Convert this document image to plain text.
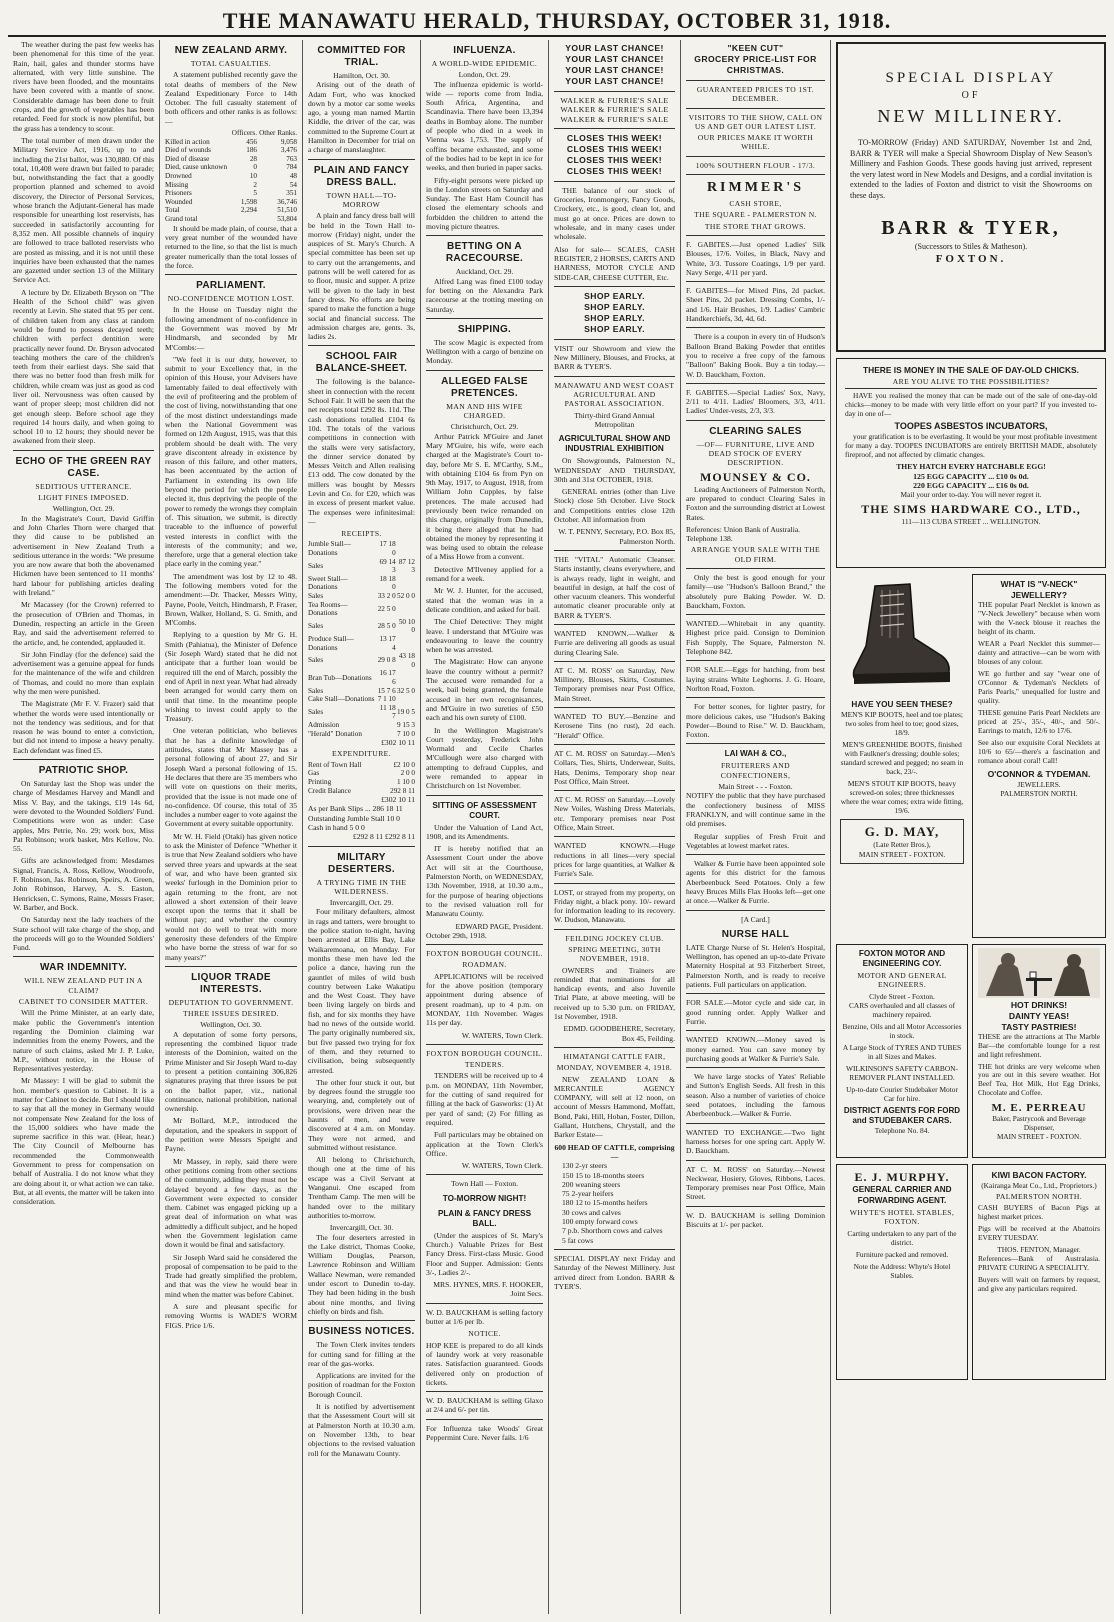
THE MANAWATU HERALD, THURSDAY, OCTOBER 31, 1918.

The weather during the past few weeks has been phenomenal for this time of the year. Rain, hail, gales and thunder storms have alternated, with very little sunshine. The rivers have been flooded, and the mountains have been covered with a mantle of snow. Considerable damage has been done to fruit crops, and the growth of vegetables has been retarded. Feed for stock is now plentiful, but the grass has a tendency to scour.

The total number of men drawn under the Military Service Act, 1916, up to and including the 21st ballot, was 130,880. Of this total, 10,408 were drawn but failed to parade; but, notwithstanding the fact that a goodly proportion planned and schemed to avoid discovery, the Director of Personal Services, whose branch the Adjutant-General has made responsible for unearthing lost reservists, has succeeded in satisfactorily accounting for 8,352 men. All possible channels of inquiry are followed to trace balloted reservists who are posted as missing, and it is not until these inquiries have been exhausted that the names are gazetted under section 13 of the Military Service Act.

A lecture by Dr. Elizabeth Bryson on "The Health of the School child" was given recently at Levin. She stated that 95 per cent. of children taken from any class at random would be found to possess decayed teeth; children with perfect dentition were practically never found. Dr. Bryson advocated teaching mothers the care of the children's teeth from their earliest days. She said that there was no better food than fresh milk for children, while cream was just as good as cod liver oil. Nervousness was often caused by want of proper sleep; most children did not get enough sleep. Before school age they required 14 hours daily, and when going to school 10 to 12 hours; they should never be awakened from their sleep.

ECHO OF THE GREEN RAY CASE.
SEDITIOUS UTTERANCE.
LIGHT FINES IMPOSED.
Wellington, Oct. 29.

In the Magistrate's Court, David Griffin and John Charles Thorn were charged that they did cause to be published an advertisement in New Zealand Truth a seditious utterance in the words: "We presume you are now aware that both the abovenamed Hickmen have been sentenced to 11 months' hard labour for publishing articles dealing with Ireland."

Mr Macassey (for the Crown) referred to the prosecution of O'Brien and Thomas, in Dunedin, respecting an article in the Green Ray, and said the advertisement referred to the article, and, he contended, applauded it.

Sir John Findlay (for the defence) said the advertisement was a genuine appeal for funds for the maintenance of the wife and children of Thomas, and could no more than explain why the men were punished.

The Magistrate (Mr F. V. Frazer) said that whether the words were used intentionally or not the tendency was seditious, and for that reason he was bound to enter a conviction, but did not intend to impose a heavy penalty. Each defendant was fined £5.

PATRIOTIC SHOP.

On Saturday last the Shop was under the charge of Mesdames Harvey and Mandl and Miss V. Bay, and the takings, £19 14s 6d, were devoted to the Wounded Soldiers' Fund. Competitions were won as under: Case apples, Mrs Petrie, No. 29; work box, Miss Pat Robinson; work basket, Mrs Kellow, No. 55.

Gifts are acknowledged from: Mesdames Signal, Francis, A. Ross, Kellow, Woodroofe, F. Robinson, Jas. Robinson, Speirs, A. Green, John Robinson, Harvey, A. S. Easton, Henricksen, C. Symons, Raine, Messrs Fraser, W. Barber, and Bock.

On Saturday next the lady teachers of the State school will take charge of the shop, and the proceeds will go to the Wounded Soldiers' Fund.

WAR INDEMNITY.
WILL NEW ZEALAND PUT IN A CLAIM?
CABINET TO CONSIDER MATTER.

Will the Prime Minister, at an early date, make public the Government's intention regarding the Dominion claiming war indemnities from the enemy Powers, and the nature of such claims, asked Mr J. P. Luke, M.P., without notice, in the House of Representatives yesterday.

Mr Massey: I will be glad to submit the hon. member's question to Cabinet. It is a matter for Cabinet to decide. But I should like to say that all the money in Germany would not compensate New Zealand for the loss of the 15,000 soldiers who have made the supreme sacrifice in this war. (Hear, hear.) The City Council of Melbourne has recommended the Commonwealth Government to press for compensation on behalf of Australia. I do not know what they are doing about it, or what action we can take. But, at all events, the matter will be taken into consideration.

NEW ZEALAND ARMY.
TOTAL CASUALTIES.

A statement published recently gave the total deaths of members of the New Zealand Expeditionary Force to 14th October. The full casualty statement of both officers and other ranks is as follows:—

	Officers.	Other Ranks.
Killed in action	456	9,058
Died of wounds	186	3,476
Died of disease	28	763
Died, cause unknown	0	784
Drowned	10	48
Missing	2	54
Prisoners	5	351
Wounded	1,598	36,746
Total	2,294	51,510
Grand total		53,804

It should be made plain, of course, that a very great number of the wounded have returned to the line, so that the list is much greater numerically than the total losses of the force.

PARLIAMENT.
NO-CONFIDENCE MOTION LOST.

In the House on Tuesday night the following amendment of no-confidence in the Government was moved by Mr Hindmarsh, and seconded by Mr M'Combs:—

"We feel it is our duty, however, to submit to your Excellency that, in the opinion of this House, your Advisers have lamentably failed to deal effectively with the evil of profiteering and the problem of the cost of living, notwithstanding that one of the most distinct understandings made when the National Government was formed on 12th August, 1915, was that this problem should be dealt with. The very grave discontent already in existence by reason of this failure, and other matters, has been accentuated by the action of Parliament in extending its own life beyond the period for which the people elected it, thus depriving the people of the power to remedy the wrongs they complain of. This situation, we submit, is directly traceable to the influence of powerful vested interests in conflict with the interests of the community; and we, therefore, urge that a general election take place early in the coming year."

The amendment was lost by 12 to 48. The following members voted for the amendment:—Dr. Thacker, Messrs Witty, Payne, Poole, Veitch, Hindmarsh, P. Fraser, Brown, Walker, Holland, S. G. Smith, and M'Combs.

Replying to a question by Mr G. H. Smith (Pahiatua), the Minister of Defence (Sir Joseph Ward) stated that he did not anticipate that a further loan would be required till the end of March, possibly the end of April in next year. What had already been arranged for would carry them on until that time. In the meantime people wishing to invest could apply to the Treasury.

One veteran politician, who believes that he has a definite knowledge of attitudes, states that Mr Massey has a personal following of about 27, and Sir Joseph Ward a personal following of 15. He declares that there are 35 members who will vote on questions on their merits, provided that the issue is not made one of no-confidence. Of course, this total of 35 includes a number eager to vote against the Government at every suitable opportunity.

Mr W. H. Field (Otaki) has given notice to ask the Minister of Defence "Whether it is true that New Zealand soldiers who have served three years and upwards at the seat of war, and who have been granted six weeks' furlough in the Dominion prior to again returning to the front, are not allowed a short extension of their leave except upon the terms that it shall be without pay; and whether the country would not do well to treat with more generosity these defenders of the Empire who have borne the stress of war for so many years?"

LIQUOR TRADE INTERESTS.
DEPUTATION TO GOVERNMENT.
THREE ISSUES DESIRED.
Wellington, Oct. 30.

A deputation of some forty persons, representing the combined liquor trade interests of the Dominion, waited on the Prime Minister and Sir Joseph Ward to-day to present a petition containing 306,826 signatures praying that three issues be put on the ballot paper, viz., national continuance, national prohibition, national ownership.

Mr Bollard, M.P., introduced the deputation, and the speakers in support of the petition were Messrs Speight and Payne.

Mr Massey, in reply, said there were other petitions coming from other sections of the community, adding they must not be delayed beyond a few days, as the Government were expected to consider them. Cabinet was engaged picking up a great deal of information on what was admittedly a difficult subject, and he hoped when the Government legislation came down it would be final and satisfactory.

Sir Joseph Ward said he considered the proposal of compensation to be paid to the Trade had greatly simplified the problem, and that was the view he would bear in mind when the matter was before Cabinet.

A sure and pleasant specific for removing Worms is WADE'S WORM FIGS. Price 1/6.

COMMITTED FOR TRIAL.
Hamilton, Oct. 30.

Arising out of the death of Adam Fort, who was knocked down by a motor car some weeks ago, a young man named Martin Kiddle, the driver of the car, was committed to the Supreme Court at Hamilton in December for trial on a charge of manslaughter.

PLAIN AND FANCY DRESS BALL.
TOWN HALL—TO-MORROW

A plain and fancy dress ball will be held in the Town Hall to-morrow (Friday) night, under the auspices of St. Mary's Church. A special committee has been set up to carry out the arrangements, and patrons will be well catered for as to floor, music and supper. A prize will be given to the lady in best fancy dress. No efforts are being spared to make the function a huge social and financial success. The admission charges are, gents. 3s, ladies 2s.

SCHOOL FAIR BALANCE-SHEET.

The following is the balance-sheet in connection with the recent School Fair. It will be seen that the net receipts total £292 8s. 11d. The cash donations totalled £104 6s 10d. The totals of the various competitions in connection with the stalls were very satisfactory, the dinner service donated by Messrs Veitch and Allen realising £13 odd. The cow donated by the millers was bought by Messrs Levin and Co. for £20, which was in excess of present market value. The expenses were infinitesimal:—

RECEIPTS.
Jumble Stall—Donations	17 18 0	
Sales	69 14 3	87 12 3
Sweet Stall—Donations	18 18 0	
Sales	33 2 0	52 0 0
Tea Rooms—Donations	22 5 0	
Sales	28 5 0	50 10 0
Produce Stall—Donations	13 17 4	
Sales	29 0 8	43 18 0
Bran Tub—Donations	16 17 6	
Sales	15 7 6	32 5 0
Cake Stall—Donations	7 1 10	
Sales	11 18 7	19 0 5
Admission		9 15 3
"Herald" Donation		7 10 0
£302 10 11
EXPENDITURE.
Rent of Town Hall	£2 10 0
Gas	2 0 0
Printing	1 10 0
Credit Balance	292 8 11
£302 10 11
As per Bank Slips ... 286 18 11
Outstanding Jumble Stall 10 0
Cash in hand 5 0 0
£292 8 11 £292 8 11
MILITARY DESERTERS.
A TRYING TIME IN THE WILDERNESS.
Invercargill, Oct. 29.

Four military defaulters, almost in rags and tatters, were brought to the police station to-night, having been arrested at Ellis Bay, Lake Waikaremoana, on Monday. For months these men have led the police a dance, having run the gauntlet of miles of wild bush country between Lake Wakatipu and the West Coast. They have been living largely on birds and fish, and for six months they have had no news of the outside world. The party originally numbered six, but five passed two trying for fox of them, and they returned to civilisation, being subsequently arrested.

The other four stuck it out, but by degrees found the struggle too wearying, and, completely out of provisions, were driven near the haunts of men, and were discovered at 4 a.m. on Monday. They were not armed, and submitted without resistance.

All belong to Christchurch, though one at the time of his escape was a Civil Servant at Wanganui. One escaped from Trentham Camp. The men will be handed over to the military authorities to-morrow.

Invercargill, Oct. 30.

The four deserters arrested in the Lake district, Thomas Cooke, William Douglas, Pearson, Lawrence Robinson and William Wallace Newman, were remanded under escort to Dunedin to-day. They had been hiding in the bush about nine months, and living chiefly on birds and fish.

BUSINESS NOTICES.

The Town Clerk invites tenders for cutting sand for filling at the rear of the gas-works.

Applications are invited for the position of roadman for the Foxton Borough Council.

It is notified by advertisement that the Assessment Court will sit at Palmerston North at 10.30 a.m. on November 13th, to hear objections to the revised valuation roll for the Manawatu County.

INFLUENZA.
A WORLD-WIDE EPIDEMIC.
London, Oct. 29.

The influenza epidemic is world-wide — reports come from India, South Africa, Argentina, and Scandinavia. There have been 13,394 deaths in Bombay alone. The number of people who died in a week in Vienna was 1,753. The supply of coffins became exhausted, and some of the bodies had to be kept in ice for weeks, and then buried in paper sacks.

Fifty-eight persons were picked up in the London streets on Saturday and Sunday. The East Ham Council has closed the elementary schools and forbidden the children to attend the moving picture theatres.

BETTING ON A RACECOURSE.
Auckland, Oct. 29.

Alfred Lang was fined £100 today for betting on the Alexandra Park racecourse at the trotting meeting on Saturday.

SHIPPING.

The scow Magic is expected from Wellington with a cargo of benzine on Monday.

ALLEGED FALSE PRETENCES.
MAN AND HIS WIFE CHARGED.
Christchurch, Oct. 29.

Arthur Patrick M'Guire and Janet Mary M'Guire, his wife, were each charged at the Magistrate's Court to-day, before Mr S. E. M'Carthy, S.M., with obtaining £104 6s from Pyn on 9th May, 1917, to August, 1918, from William John Cupples, by false pretences. The male accused had previously been twice remanded on this charge, originally from Dunedin, it being there alleged that he had obtained the money by representing it was being used to obtain the release of a Miss Howe from a convent.

Detective M'Ilveney applied for a remand for a week.

Mr W. J. Hunter, for the accused, stated that the woman was in a delicate condition, and asked for bail.

The Chief Detective: They might leave. I understand that M'Guire was endeavouring to leave the country when he was arrested.

The Magistrate: How can anyone leave the country without a permit? The accused were remanded for a week, bail being granted, the female accused in her own recognisances, and M'Guire in two sureties of £50 each and his own surety of £100.

In the Wellington Magistrate's Court yesterday, Frederick John Wormald and Cecile Charles M'Cullough were also charged with attempting to defraud Cupples, and were remanded to appear in Christchurch on 1st November.

SITTING OF ASSESSMENT COURT.

Under the Valuation of Land Act, 1908, and its Amendments.

IT is hereby notified that an Assessment Court under the above Act will sit at the Courthouse, Palmerston North, on WEDNESDAY, 13th November, 1918, at 10.30 a.m., for the purpose of hearing objections to the revised valuation roll for Manawatu County.

EDWARD PAGE, President.
October 29th, 1918.
FOXTON BOROUGH COUNCIL.
ROADMAN.

APPLICATIONS will be received for the above position (temporary appointment during absence of present roadman), up to 4 p.m. on MONDAY, 11th November. Wages 11s per day.

W. WATERS, Town Clerk.
FOXTON BOROUGH COUNCIL.
TENDERS.

TENDERS will be received up to 4 p.m. on MONDAY, 11th November, for the cutting of sand required for filling at the back of Gasworks: (1) At per yard of sand; (2) For filling as required.

Full particulars may be obtained on application at the Town Clerk's Office.

W. WATERS, Town Clerk.
Town Hall — Foxton.
TO-MORROW NIGHT!
PLAIN & FANCY DRESS BALL.

(Under the auspices of St. Mary's Church.) Valuable Prizes for Best Fancy Dress. First-class Music. Good Floor and Supper. Admission: Gents 3/-, Ladies 2/-.

MRS. HYNES, MRS. F. HOOKER, Joint Secs.

W. D. BAUCKHAM is selling factory butter at 1/6 per lb.

NOTICE.

HOP KEE is prepared to do all kinds of laundry work at very reasonable rates. Satisfaction guaranteed. Goods delivered only on production of tickets.

W. D. BAUCKHAM is selling Glaxo at 2/4 and 6/- per tin.

For Influenza take Woods' Great Peppermint Cure. Never fails. 1/6

YOUR LAST CHANCE!
YOUR LAST CHANCE!
YOUR LAST CHANCE!
YOUR LAST CHANCE!
WALKER & FURRIE'S SALE
WALKER & FURRIE'S SALE
WALKER & FURRIE'S SALE
CLOSES THIS WEEK!
CLOSES THIS WEEK!
CLOSES THIS WEEK!
CLOSES THIS WEEK!

THE balance of our stock of Groceries, Ironmongery, Fancy Goods, Crockery, etc., is good, clean lot, and must go at once. Prices are down to wholesale, and in many cases under wholesale.

Also for sale— SCALES, CASH REGISTER, 2 HORSES, CARTS AND HARNESS, MOTOR CYCLE AND SIDE-CAR, CHEESE CUTTER, Etc.

SHOP EARLY.
SHOP EARLY.
SHOP EARLY.
SHOP EARLY.

VISIT our Showroom and view the New Millinery, Blouses, and Frocks, at BARR & TYER'S.

MANAWATU AND WEST COAST AGRICULTURAL AND PASTORAL ASSOCIATION.
Thirty-third Grand Annual Metropolitan
AGRICULTURAL SHOW AND INDUSTRIAL EXHIBITION

On Showgrounds, Palmerston N., WEDNESDAY AND THURSDAY, 30th and 31st OCTOBER, 1918.

GENERAL entries (other than Live Stock) close 5th October. Live Stock and Competitions entries close 12th October. All information from

W. T. PENNY, Secretary, P.O. Box 85, Palmerston North.

THE "VITAL" Automatic Cleanser. Starts instantly, cleans everywhere, and is always ready, light in weight, and beautiful in design, at half the cost of other vacuum cleaners. This wonderful automatic cleaner procurable only at BARR & TYER'S.

WANTED KNOWN.—Walker & Furrie are delivering all goods as usual during Clearing Sale.

AT C. M. ROSS' on Saturday, New Millinery, Blouses, Skirts, Costumes. Temporary premises near Post Office, Main Street.

WANTED TO BUY.—Benzine and Kerosene Tins (no rust), 2d each. "Herald" Office.

AT C. M. ROSS' on Saturday.—Men's Collars, Ties, Shirts, Underwear, Suits, Hats, Denims, Temporary shop near Post Office, Main Street.

AT C. M. ROSS' on Saturday.—Lovely New Voiles, Washing Dress Materials, etc. Temporary premises near Post Office, Main Street.

WANTED KNOWN.—Huge reductions in all lines—very special prices for large quantities, at Walker & Furrie's Sale.

LOST, or strayed from my property, on Friday night, a black pony. 10/- reward for information leading to its recovery. W. Dudson, Manawatu.

FEILDING JOCKEY CLUB.
SPRING MEETING, 30TH NOVEMBER, 1918.

OWNERS and Trainers are reminded that nominations for all handicap events, and also Juvenile Trial Plate, at above meeting, will be received up to 5.30 p.m. on FRIDAY, 1st November, 1918.

EDMD. GOODBEHERE, Secretary, Box 45, Feilding.
HIMATANGI CATTLE FAIR,
MONDAY, NOVEMBER 4, 1918.

NEW ZEALAND LOAN & MERCANTILE AGENCY COMPANY, will sell at 12 noon, on account of Messrs Hammond, Moffatt, Bond, Paki, Hill, Hoban, Foster, Dillon, Gallant, Hutchens, Chrystall, and the Barker Estate—

600 HEAD OF CATTLE, comprising—
130 2-yr steers
150 15 to 18-months steers
200 weaning steers
75 2-year heifers
180 12 to 15-months heifers
30 cows and calves
100 empty forward cows
7 p.b. Shorthorn cows and calves
5 fat cows

SPECIAL DISPLAY next Friday and Saturday of the Newest Millinery. Just arrived direct from London. BARR & TYER'S.

"KEEN CUT"
GROCERY PRICE-LIST FOR CHRISTMAS.
GUARANTEED PRICES TO 1ST. DECEMBER.
VISITORS TO THE SHOW, CALL ON US AND GET OUR LATEST LIST.
OUR PRICES MAKE IT WORTH WHILE.
100% SOUTHERN FLOUR - 17/3.
RIMMER'S
CASH STORE,
THE SQUARE - PALMERSTON N.
THE STORE THAT GROWS.

F. GABITES.—Just opened Ladies' Silk Blouses, 17/6. Voiles, in Black, Navy and White, 3/3. Tussore Coatings, 1/9 per yard. Navy Serge, 4/11 per yard.

F. GABITES—for Mixed Pins, 2d packet. Sheet Pins, 2d packet. Dressing Combs, 1/- and 1/6. Hair Brushes, 1/9. Ladies' Cambric Handkerchiefs, 3d, 4d, 6d.

There is a coupon in every tin of Hudson's Balloon Brand Baking Powder that entitles you to receive a free copy of the famous "Balloon" Baking Book. Buy a tin today.—W. D. Bauckham, Foxton.

F. GABITES.—Special Ladies' Sox, Navy, 2/11 to 4/11. Ladies' Bloomers, 3/3, 4/11. Ladies' Under-vests, 2/3, 3/3.

CLEARING SALES
—OF— FURNITURE, LIVE AND DEAD STOCK OF EVERY DESCRIPTION.
MOUNSEY & CO.

Leading Auctioneers of Palmerston North, are prepared to conduct Clearing Sales in Foxton and the surrounding district at Lowest Rates.

References: Union Bank of Australia.
Telephone 138.
ARRANGE YOUR SALE WITH THE OLD FIRM.

Only the best is good enough for your family—use "Hudson's Balloon Brand," the absolutely pure Baking Powder. W. D. Bauckham, Foxton.

WANTED.—Whitebait in any quantity. Highest price paid. Consign to Dominion Fish Supply, The Square, Palmerston N. Telephone 842.

FOR SALE.—Eggs for hatching, from best laying strains White Leghorns. J. G. Hoare, Norlton Road, Foxton.

For better scones, for lighter pastry, for more delicious cakes, use "Hudson's Baking Powder—Bound to Rise." W. D. Bauckham, Foxton.

LAI WAH & CO.,
FRUITERERS AND CONFECTIONERS,
Main Street - - - Foxton.

NOTIFY the public that they have purchased the confectionery business of MISS FRANKLYN, and will continue same in the old premises.

Regular supplies of Fresh Fruit and Vegetables at lowest market rates.

Walker & Furrie have been appointed sole agents for this district for the famous Aberbeenbuck Seed Potatoes. Only a few heavy Bruces Mills Flax Hooks left—get one at once.—Walker & Furrie.

[A Card.]
NURSE HALL

LATE Charge Nurse of St. Helen's Hospital, Wellington, has opened an up-to-date Private Maternity Hospital at 93 Fitzherbert Street, Palmerston North, and is ready to receive patients. Full particulars on application.

FOR SALE.—Motor cycle and side car, in good running order. Apply Walker and Furrie.

WANTED KNOWN.—Money saved is money earned. You can save money by purchasing goods at Walker & Furrie's Sale.

We have large stocks of Yates' Reliable and Sutton's English Seeds. All fresh in this season. Also a number of varieties of choice seed potatoes, including the famous Aberbeenbuck.—Walker & Furrie.

WANTED TO EXCHANGE.—Two light harness horses for one spring cart. Apply W. D. Bauckham.

AT C. M. ROSS' on Saturday.—Newest Neckwear, Hosiery, Gloves, Ribbons, Laces. Temporary premises near Post Office, Main Street.

W. D. BAUCKHAM is selling Dominion Biscuits at 1/- per packet.

SPECIAL DISPLAY
OF
NEW MILLINERY.

TO-MORROW (Friday) AND SATURDAY, November 1st and 2nd, BARR & TYER will make a Special Showroom Display of New Season's Millinery and Fashion Goods. These goods having just arrived, represent the very latest word in New Models and Designs, and a cordial invitation is extended to the ladies of Foxton and district to visit the Showrooms on these days.

BARR & TYER,
(Successors to Stiles & Matheson).
FOXTON.
THERE IS MONEY IN THE SALE OF DAY-OLD CHICKS.
ARE YOU ALIVE TO THE POSSIBILITIES?

HAVE you realised the money that can be made out of the sale of one-day-old chicks—money to be made with very little effort on your part? If you invested to-day in one of—

TOOPES ASBESTOS INCUBATORS,

your gratification is to be everlasting. It would be your most profitable investment for many a day. TOOPES INCUBATORS are entirely BRITISH MADE, absolutely fireproof, and not affected by climatic changes.

THEY HATCH EVERY HATCHABLE EGG!
125 EGG CAPACITY ... £10 0s 0d.
220 EGG CAPACITY ... £16 0s 0d.
Mail your order to-day. You will never regret it.
THE SIMS HARDWARE CO., LTD.,
111—113 CUBA STREET ... WELLINGTON.
HAVE YOU SEEN THESE?

MEN'S KIP BOOTS, heel and toe plates; two soles from heel to toe; good sizes, 18/9.

MEN'S GREENHIDE BOOTS, finished with Faulkner's dressing; double soles; standard screwed and pegged; no seam in back, 23/-.

MEN'S STOUT KIP BOOTS, heavy screwed-on soles; three thicknesses where the wear comes; extra wide fitting, 19/6.

G. D. MAY,
(Late Retter Bros.),
MAIN STREET - FOXTON.
WHAT IS "V-NECK" JEWELLERY?

THE popular Pearl Necklet is known as "V-Neck Jewellery" because when worn with the V-neck blouse it reaches the height of its charm.

WEAR a Pearl Necklet this summer—dainty and attractive—can be worn with blouses of any colour.

WE go further and say "wear one of O'Connor & Tydeman's Necklets of Paris Pearls," unequalled for lustre and quality.

THESE genuine Paris Pearl Necklets are priced at 25/-, 35/-, 40/-, and 50/-. Earrings to match, 12/6 to 17/6.

See also our exquisite Coral Necklets at 10/6 to 65/—there's a fascination and romance about coral! Call!

O'CONNOR & TYDEMAN.
JEWELLERS.
PALMERSTON NORTH.
FOXTON MOTOR AND ENGINEERING COY.
MOTOR AND GENERAL ENGINEERS.
Clyde Street - Foxton.

CARS overhauled and all classes of machinery repaired.

Benzine, Oils and all Motor Accessories in stock.

A Large Stock of TYRES AND TUBES in all Sizes and Makes.

WILKINSON'S SAFETY CARBON-REMOVER PLANT INSTALLED.

Up-to-date Courier Studebaker Motor Car for hire.

DISTRICT AGENTS FOR FORD and STUDEBAKER CARS.
Telephone No. 84.
HOT DRINKS!
DAINTY YEAS!
TASTY PASTRIES!

THESE are the attractions at The Marble Bar—the comfortable lounge for a rest and light refreshment.

THE hot drinks are very welcome when you are out in this severe weather. Hot Beef Tea, Hot Milk, Hot Egg Drinks, Chocolate and Coffee.

M. E. PERREAU
Baker, Pastrycook and Beverage Dispenser,
MAIN STREET - FOXTON.
E. J. MURPHY.
GENERAL CARRIER AND FORWARDING AGENT.
WHYTE'S HOTEL STABLES, FOXTON.

Carting undertaken to any part of the district.

Furniture packed and removed.

Note the Address: Whyte's Hotel Stables.

KIWI BACON FACTORY.
(Kairanga Meat Co., Ltd., Proprietors.)
PALMERSTON NORTH.

CASH BUYERS of Bacon Pigs at highest market prices.

Pigs will be received at the Abattoirs EVERY TUESDAY.

THOS. FENTON, Manager.

References—Bank of Australasia. PRIVATE CURING A SPECIALITY.

Buyers will wait on farmers by request, and give any particulars required.
